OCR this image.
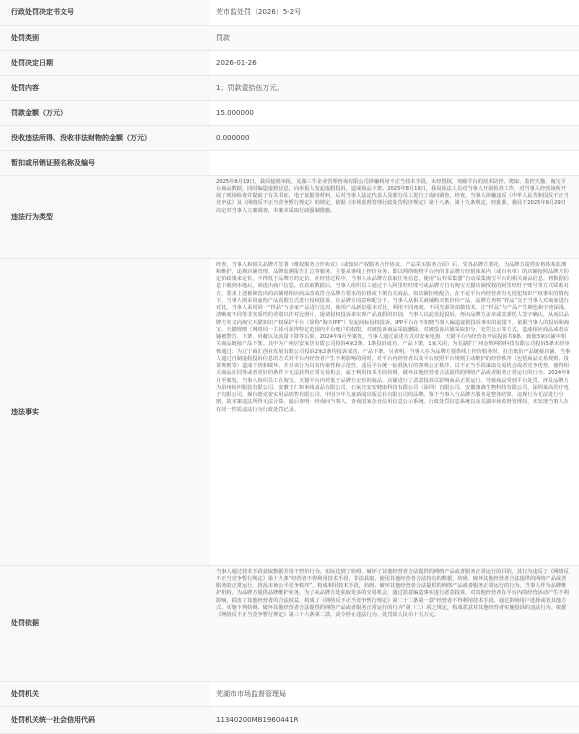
行政处罚决定书文号	芜市监处罚〔2026〕5-2号
处罚类别	罚款
处罚决定日期	2026-01-26
处罚内容	1；罚款壹拾伍万元。
罚款金额（万元）	15.000000
没收违法所得、没收非法财物的金额（万元）	0.000000
暂扣或吊销证照名称及编号	
违法行为类型	2025年8月19日，我局接到举报，芜湖三牛企业管理咨询有限公司涉嫌利用不正当技术手段，未经授权，突破平台的技术防控，爬取、监控天猫、淘宝平台商品数据，同时编造虚假信息，向举报人发起虚假投诉，造成商品下架。2025年8月19日，我局执法人员对当事人开展检查工作，对当事人经营场所开展了现场检查并提取了有关书证、电子证据等材料，后对当事人法定代表人及部分员工进行了询问调查。经查，当事人涉嫌违反《中华人民共和国反不正当竞争法》及《网络反不正当竞争暂行规定》的规定，依据《市场监督管理行政处罚程序规定》第十八条、第十九条规定，经批准，我局于2025年9月29日决定对当事人立案调查，本案未采取行政强制措施。
违法事实	经查，当事人和相关品牌方签署《维权服务合作协议》（或知识产权服务合作协议、产品采买服务合同）后，受各品牌方委托，为品牌方提供价格体系监测和维护、违规店铺管理、品牌监测报告汇总等服务，主要从事线上控价业务，即以网络购物平台内的非品牌方经销体系内（或百名单）的店铺按照品牌方的定价政策来定价，不得低于品牌方的定价。在经营过程中，当事人从品牌方获取任务信息，使用“后羿采集器”自动采集淘宝平台的相关商品信息，将数据信息下载到本地后，筛选出商户信息。在获取数据后，当事人组织员工通过个人阿里旺旺账号或品牌方自有淘宝天猫店铺授权的阿里旺旺子账号等方式联系对方，要求上述被筛选出的店铺将相应商品改成符合品牌方要求的价格或下架有关商品。如店铺拒绝配合，在不论平台内经营者有无侵犯知识产权事实的情况下，当事人则采用虚构产品真假方式进行侵权投诉，在品牌方同意和配合下，当事人从相关商铺购买低价价产品，品牌方再将“样品”交于当事人对商家进行对比，当事人采用同一“样品”与多家产品进行比对，使用产品新旧版本对比，利用不同角度、不同光源等拍摄技术，让“样品”与产品产生颜色和字迹深浅、清晰度不同等非实质性的差别以作对比照片，提请侵权投诉来实现产品真假的识别，当事人以此发起投诉，再由品牌方盖章或其委托人签字确认，从而以品牌方名义向淘宝天猫知识产权保护平台（简称“淘天IPP”）发起商标侵权投诉。IPP平台在不知晓当事人编造虚假投诉事实的前提下，依据当事人的投诉和淘宝、天猫规则（网络同一主体可获得特定范围内平台账户的权限，对被投诉商品采取删除、对被投诉店铺采取扣分、处罚公示等方式，造成相应商品或者店铺被警告、下架、屏蔽以及流量下降等后果。2024年9月至案发，当事人通过前述方式对安家电器、天猫平台内经营者开展投诉共9条，致使3家店铺中相关商品链接产品下架。其中为广州居安家居有限公司投诉4家2条，1条投诉成功、产品下架，1家关闭；为芜湖扩广州金辉网络科技有限公司投诉5条未经审核通过；为辽宁商汇创业发展有限公司投诉2家2条均投诉成功，产品下架。另查明，当事人在为品牌方提供线上控价服务时，打击低价产品链接店铺，当事人通过自制虚假投诉信息的方式对平台内经营者产生不利影响的同时，对平台内经营者以及平台按照平台规则主动维护的经营秩序（包括商品交易规则、投诉规则等）造成干扰和破坏，并且该行为具有传染性和示范性，违反平台统一标准执行的客观公正秩序，以不正当手段谋取交易机会或者竞争优势，使得相关商品在同等或者更好的条件下无法获得正常交易机会，属于利用技术手段妨碍、破坏其他经营者合法提供的网络产品或者服务正常运行的行为。2024年9月至案发，当事人组织员工在淘宝、天猫平台内对低于品牌方定价的商品、店铺进行了恶意投诉以影响商品正常运行，导致商品受到平台处罚，涉及品牌方为泉州纺织服装有限公司、安徽王仁和米线食品有限公司、石家庄安安健康科技有限公司（深圳）有限公司、安徽康森生物科技有限公司、深圳莱高医疗电子有限公司、烟台德克瓷实用品销售有限公司、中国少年儿童新闻出版总社有限公司的品牌。鉴于当事人与品牌方服务是整体结算，违规行为无法进行分割，故本案违法所得无法计算。最后查明：经询问当事人，查询国家企业信用信息公示系统、行政处罚信息系统以及芜湖市场监督管理局，未发现当事人存在同一性质违法行为行政处罚记录。
处罚依据	当事人通过技术手段获取数据并用于控价行为，实际达到了妨碍、破坏了其他经营者合法提供的网络产品或者服务正常运行的目的，其行为违反了《网络反不正当竞争暂行规定》第十九条“经营者不得利用技术手段，非法获取、使用其他经营者合法持有的数据，妨碍、破坏其他经营者合法提供的网络产品或者服务的正常运行，扰乱市场公平竞争秩序”，构成利用技术手段，妨碍、破坏其他经营者合法提供的网络产品或者服务正常运行的行为。当事人作为品牌维护机构，为品牌方提供品牌维护业务，为了从品牌方处获取更多的交易机会，通过恶意编造事实进行恶意投诉，对其他经营者在平台内的经营活动产生不利影响，损害了其他经营者的合法权益，构成了《网络反不正当竞争暂行规定》第二十二条第一款“经营者不得利用技术手段，通过影响用户选择或者其他方式，实施下列妨碍、破坏其他经营者合法提供的网络产品或者服务正常运行的行为”第（二）项之规定，构成恶意对其他经营者实施投诉的违法行为。依据《网络反不正当竞争暂行规定》第三十六条第二款，责令停止违法行为，处罚款人民币十五万元。
处罚机关	芜湖市市场监督管理局
处罚机关统一社会信用代码	11340200MB1960441R
